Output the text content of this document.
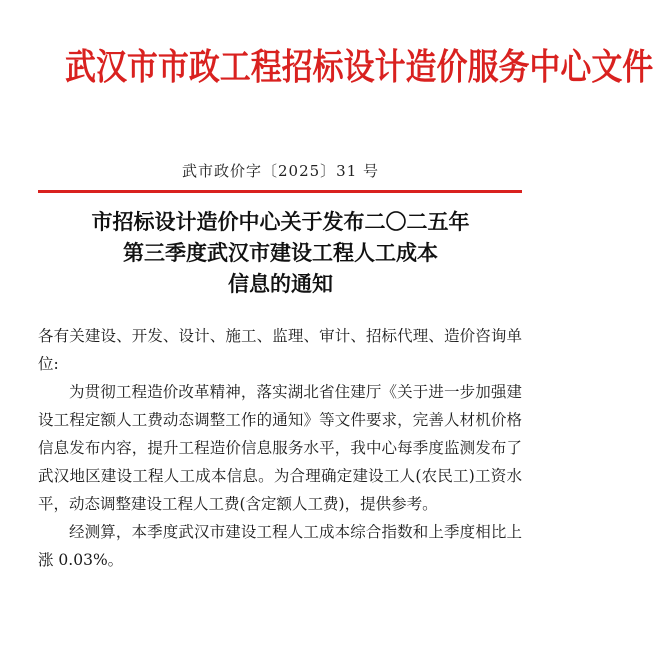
武汉市市政工程招标设计造价服务中心文件
武市政价字〔2025〕31 号
市招标设计造价中心关于发布二〇二五年
第三季度武汉市建设工程人工成本
信息的通知

各有关建设、开发、设计、施工、监理、审计、招标代理、造价咨询单位:

为贯彻工程造价改革精神，落实湖北省住建厅《关于进一步加强建设工程定额人工费动态调整工作的通知》等文件要求，完善人材机价格信息发布内容，提升工程造价信息服务水平，我中心每季度监测发布了武汉地区建设工程人工成本信息。为合理确定建设工人(农民工)工资水平，动态调整建设工程人工费(含定额人工费)，提供参考。

经测算，本季度武汉市建设工程人工成本综合指数和上季度相比上涨 0.03%。
